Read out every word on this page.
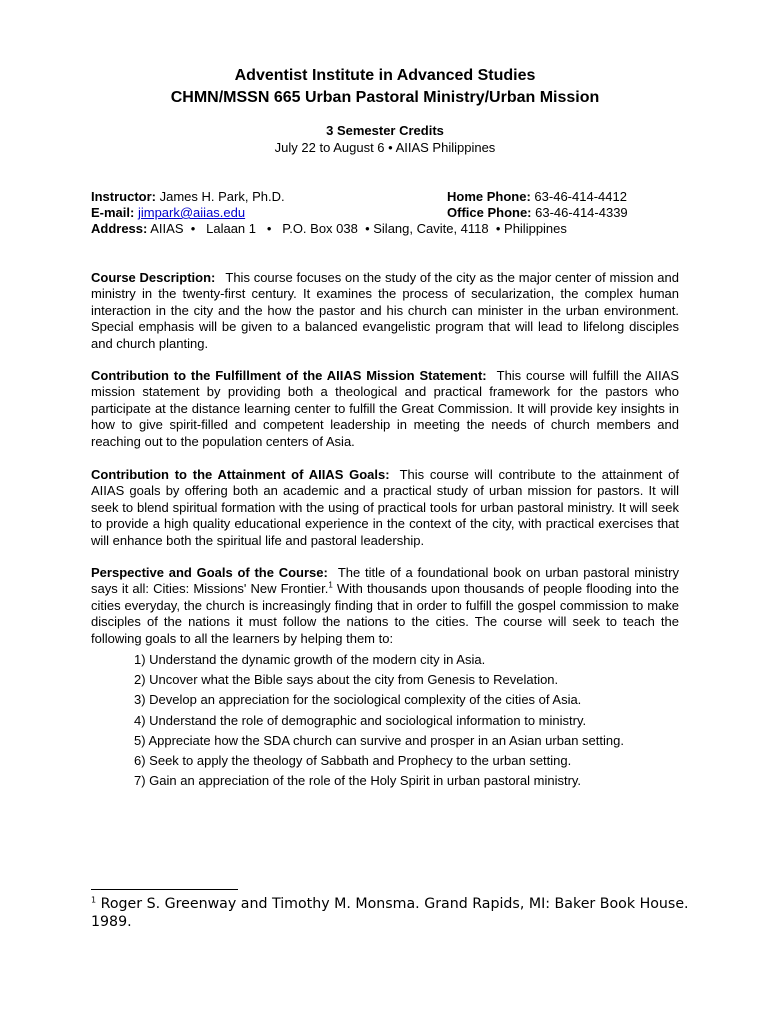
Adventist Institute in Advanced Studies
CHMN/MSSN 665 Urban Pastoral Ministry/Urban Mission
3 Semester Credits
July 22 to August 6 • AIIAS Philippines
Instructor: James H. Park, Ph.D.	Home Phone: 63-46-414-4412
E-mail: jimpark@aiias.edu	Office Phone: 63-46-414-4339
Address: AIIAS  •   Lalaan 1   •   P.O. Box 038  • Silang, Cavite, 4118  • Philippines
Course Description: This course focuses on the study of the city as the major center of mission and ministry in the twenty-first century. It examines the process of secularization, the complex human interaction in the city and the how the pastor and his church can minister in the urban environment. Special emphasis will be given to a balanced evangelistic program that will lead to lifelong disciples and church planting.
Contribution to the Fulfillment of the AIIAS Mission Statement: This course will fulfill the AIIAS mission statement by providing both a theological and practical framework for the pastors who participate at the distance learning center to fulfill the Great Commission. It will provide key insights in how to give spirit-filled and competent leadership in meeting the needs of church members and reaching out to the population centers of Asia.
Contribution to the Attainment of AIIAS Goals: This course will contribute to the attainment of AIIAS goals by offering both an academic and a practical study of urban mission for pastors. It will seek to blend spiritual formation with the using of practical tools for urban pastoral ministry. It will seek to provide a high quality educational experience in the context of the city, with practical exercises that will enhance both the spiritual life and pastoral leadership.
Perspective and Goals of the Course: The title of a foundational book on urban pastoral ministry says it all: Cities: Missions' New Frontier.$^1$ With thousands upon thousands of people flooding into the cities everyday, the church is increasingly finding that in order to fulfill the gospel commission to make disciples of the nations it must follow the nations to the cities. The course will seek to teach the following goals to all the learners by helping them to:
1) Understand the dynamic growth of the modern city in Asia.
2) Uncover what the Bible says about the city from Genesis to Revelation.
3) Develop an appreciation for the sociological complexity of the cities of Asia.
4) Understand the role of demographic and sociological information to ministry.
5) Appreciate how the SDA church can survive and prosper in an Asian urban setting.
6) Seek to apply the theology of Sabbath and Prophecy to the urban setting.
7) Gain an appreciation of the role of the Holy Spirit in urban pastoral ministry.
$^1$ Roger S. Greenway and Timothy M. Monsma. Grand Rapids, MI: Baker Book House. 1989.
